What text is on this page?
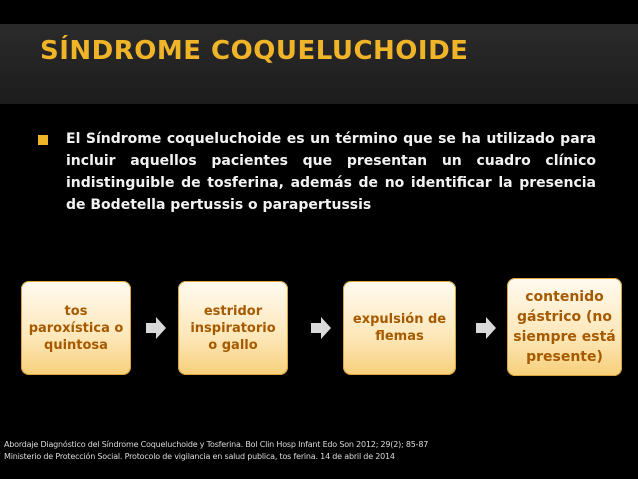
SÍNDROME COQUELUCHOIDE

El Síndrome coqueluchoide es un término que se ha utilizado para incluir aquellos pacientes que presentan un cuadro clínico indistinguible de tosferina, además de no identificar la presencia de Bodetella pertussis o parapertussis

tos
paroxística o
quintosa
estridor
inspiratorio
o gallo
expulsión de
flemas
contenido
gástrico (no
siempre está
presente)
Abordaje Diagnóstico del Síndrome Coqueluchoide y Tosferina. Bol Clin Hosp Infant Edo Son 2012; 29(2); 85-87
Ministerio de Protección Social. Protocolo de vigilancia en salud publica, tos ferina. 14 de abril de 2014
